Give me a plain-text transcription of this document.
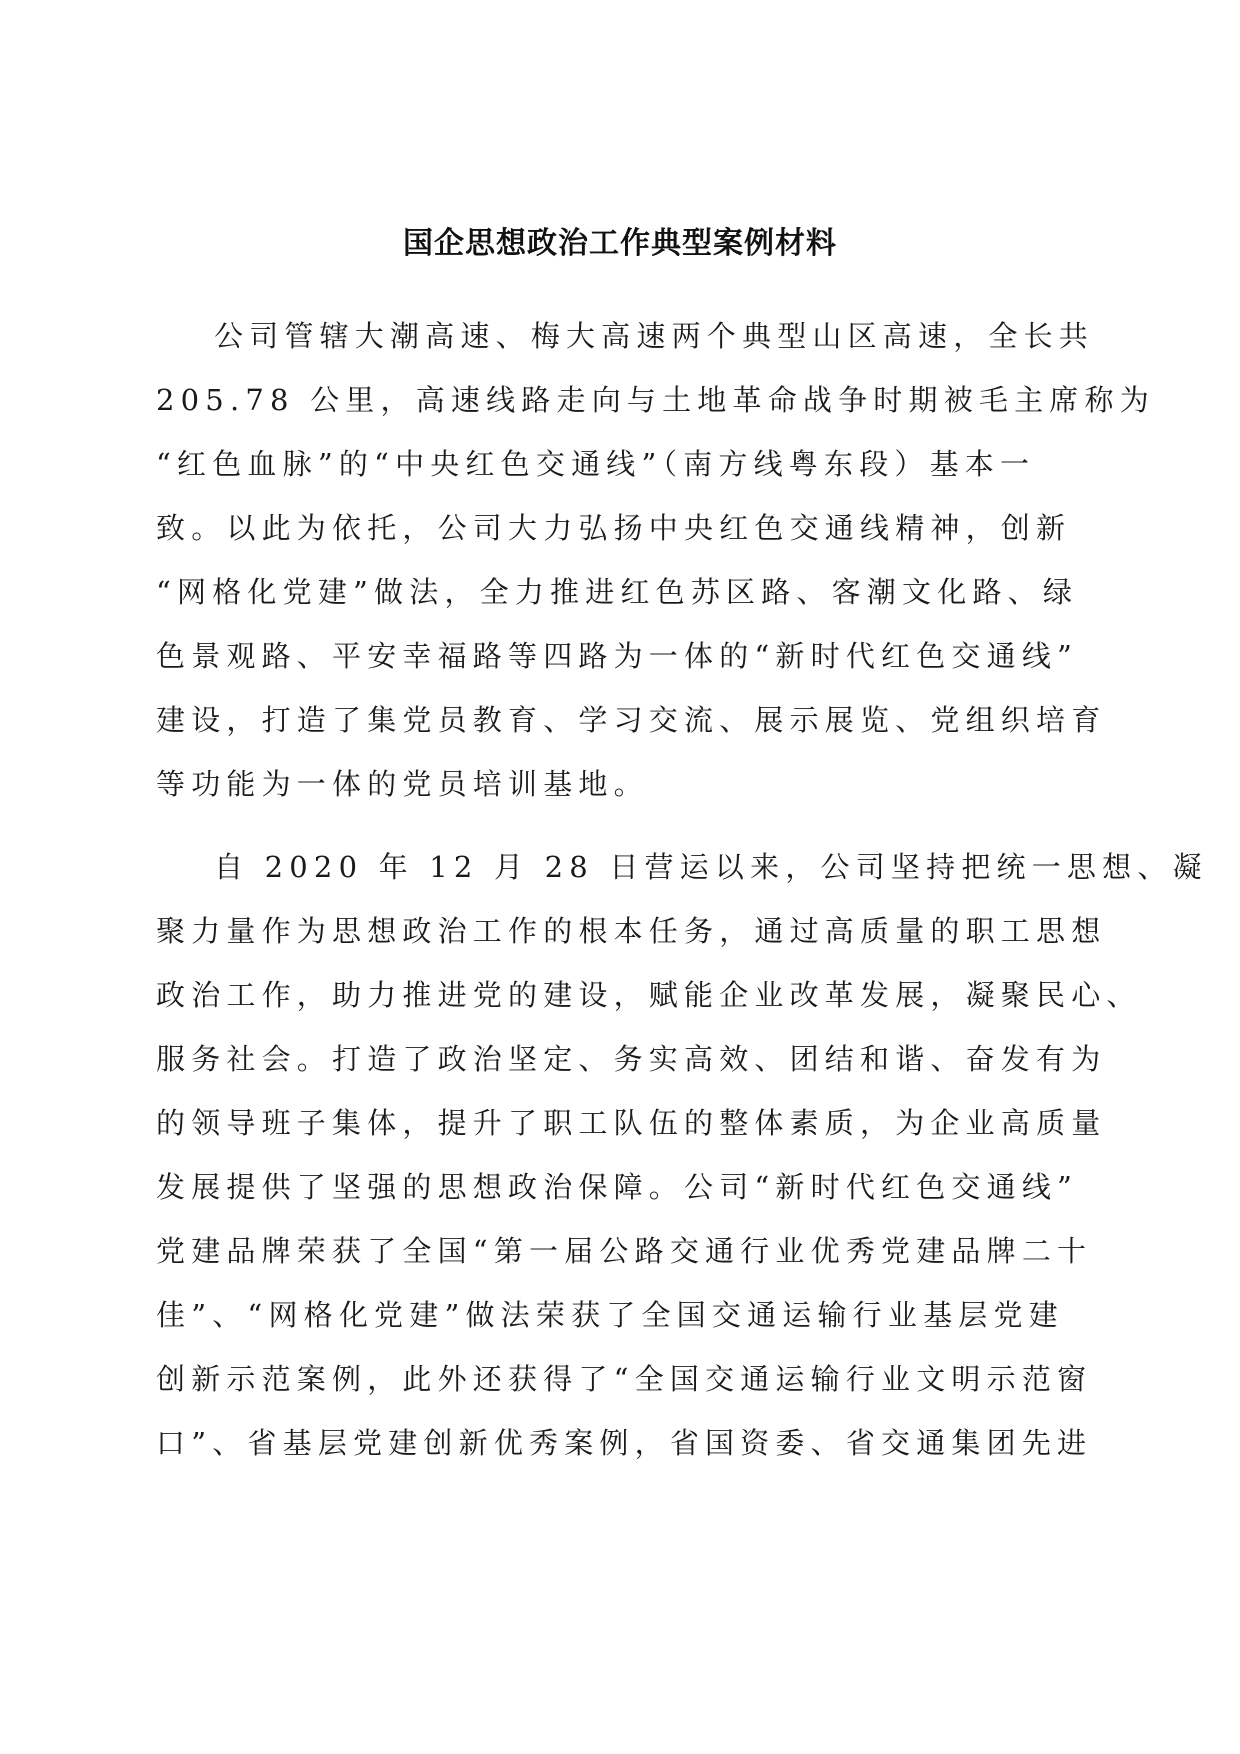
国企思想政治工作典型案例材料
公司管辖大潮高速、梅大高速两个典型山区高速，全长共
205.78 公里，高速线路走向与土地革命战争时期被毛主席称为
“红色血脉”的“中央红色交通线”（南方线粤东段）基本一
致。以此为依托，公司大力弘扬中央红色交通线精神，创新
“网格化党建”做法，全力推进红色苏区路、客潮文化路、绿
色景观路、平安幸福路等四路为一体的“新时代红色交通线”
建设，打造了集党员教育、学习交流、展示展览、党组织培育
等功能为一体的党员培训基地。
自 2020 年 12 月 28 日营运以来，公司坚持把统一思想、凝
聚力量作为思想政治工作的根本任务，通过高质量的职工思想
政治工作，助力推进党的建设，赋能企业改革发展，凝聚民心、
服务社会。打造了政治坚定、务实高效、团结和谐、奋发有为
的领导班子集体，提升了职工队伍的整体素质，为企业高质量
发展提供了坚强的思想政治保障。公司“新时代红色交通线”
党建品牌荣获了全国“第一届公路交通行业优秀党建品牌二十
佳”、“网格化党建”做法荣获了全国交通运输行业基层党建
创新示范案例，此外还获得了“全国交通运输行业文明示范窗
口”、省基层党建创新优秀案例，省国资委、省交通集团先进
